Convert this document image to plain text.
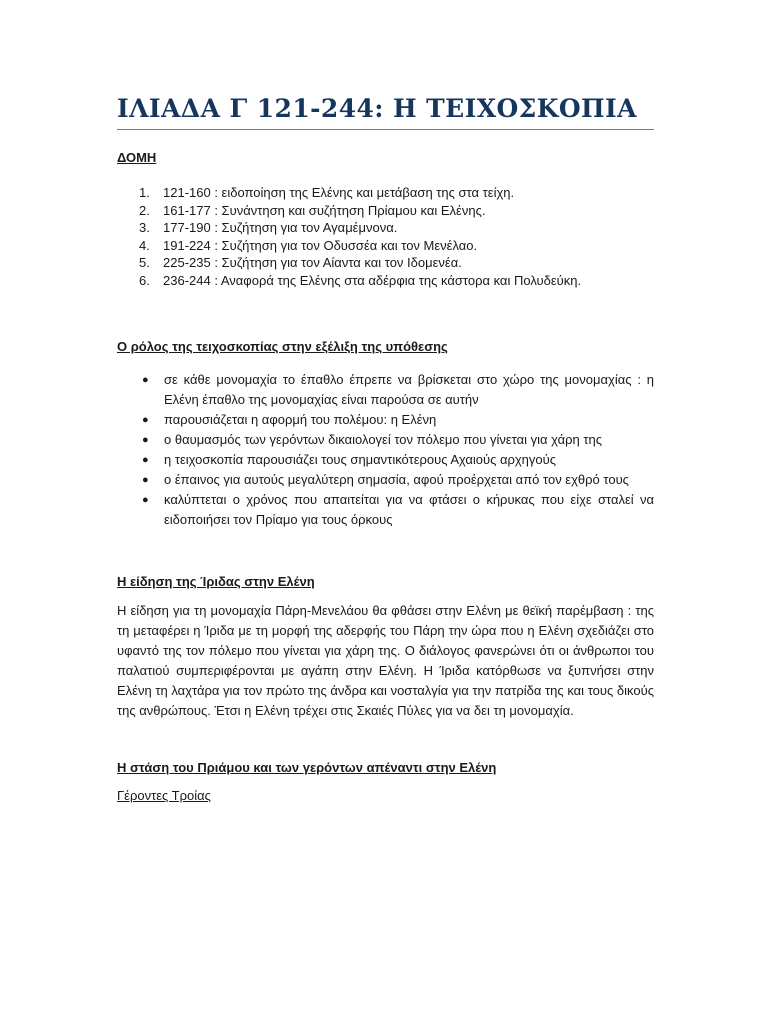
ΙΛΙΑΔΑ Γ 121-244: Η ΤΕΙΧΟΣΚΟΠΙΑ

ΔΟΜΗ

1. 121-160 : ειδοποίηση της Ελένης και μετάβαση της στα τείχη.
2. 161-177 : Συνάντηση και συζήτηση Πρίαμου και Ελένης.
3. 177-190 : Συζήτηση για τον Αγαμέμνονα.
4. 191-224 : Συζήτηση για τον Οδυσσέα και τον Μενέλαο.
5. 225-235 : Συζήτηση για τον Αίαντα και τον Ιδομενέα.
6. 236-244 : Αναφορά της Ελένης στα αδέρφια της κάστορα και Πολυδεύκη.

Ο ρόλος της τειχοσκοπίας στην εξέλιξη της υπόθεσης

● σε κάθε μονομαχία το έπαθλο έπρεπε να βρίσκεται στο χώρο της μονομαχίας : η Ελένη έπαθλο της μονομαχίας είναι παρούσα σε αυτήν
● παρουσιάζεται η αφορμή του πολέμου: η Ελένη
● ο θαυμασμός των γερόντων δικαιολογεί τον πόλεμο που γίνεται για χάρη της
● η τειχοσκοπία παρουσιάζει τους σημαντικότερους Αχαιούς αρχηγούς
● ο έπαινος για αυτούς μεγαλύτερη σημασία, αφού προέρχεται από τον εχθρό τους
● καλύπτεται ο χρόνος που απαιτείται για να φτάσει ο κήρυκας που είχε σταλεί να ειδοποιήσει τον Πρίαμο για τους όρκους

Η είδηση της Ίριδας στην Ελένη

Η είδηση για τη μονομαχία Πάρη-Μενελάου θα φθάσει στην Ελένη με θεϊκή παρέμβαση : της τη μεταφέρει η Ίριδα με τη μορφή της αδερφής του Πάρη την ώρα που η Ελένη σχεδιάζει στο υφαντό της τον πόλεμο που γίνεται για χάρη της. Ο διάλογος φανερώνει ότι οι άνθρωποι του παλατιού συμπεριφέρονται με αγάπη στην Ελένη. Η Ίριδα κατόρθωσε να ξυπνήσει στην Ελένη τη λαχτάρα για τον πρώτο της άνδρα και νοσταλγία για την πατρίδα της και τους δικούς της ανθρώπους. Έτσι η Ελένη τρέχει στις Σκαιές Πύλες για να δει τη μονομαχία.

Η στάση του Πριάμου και των γερόντων απέναντι στην Ελένη

Γέροντες Τροίας
